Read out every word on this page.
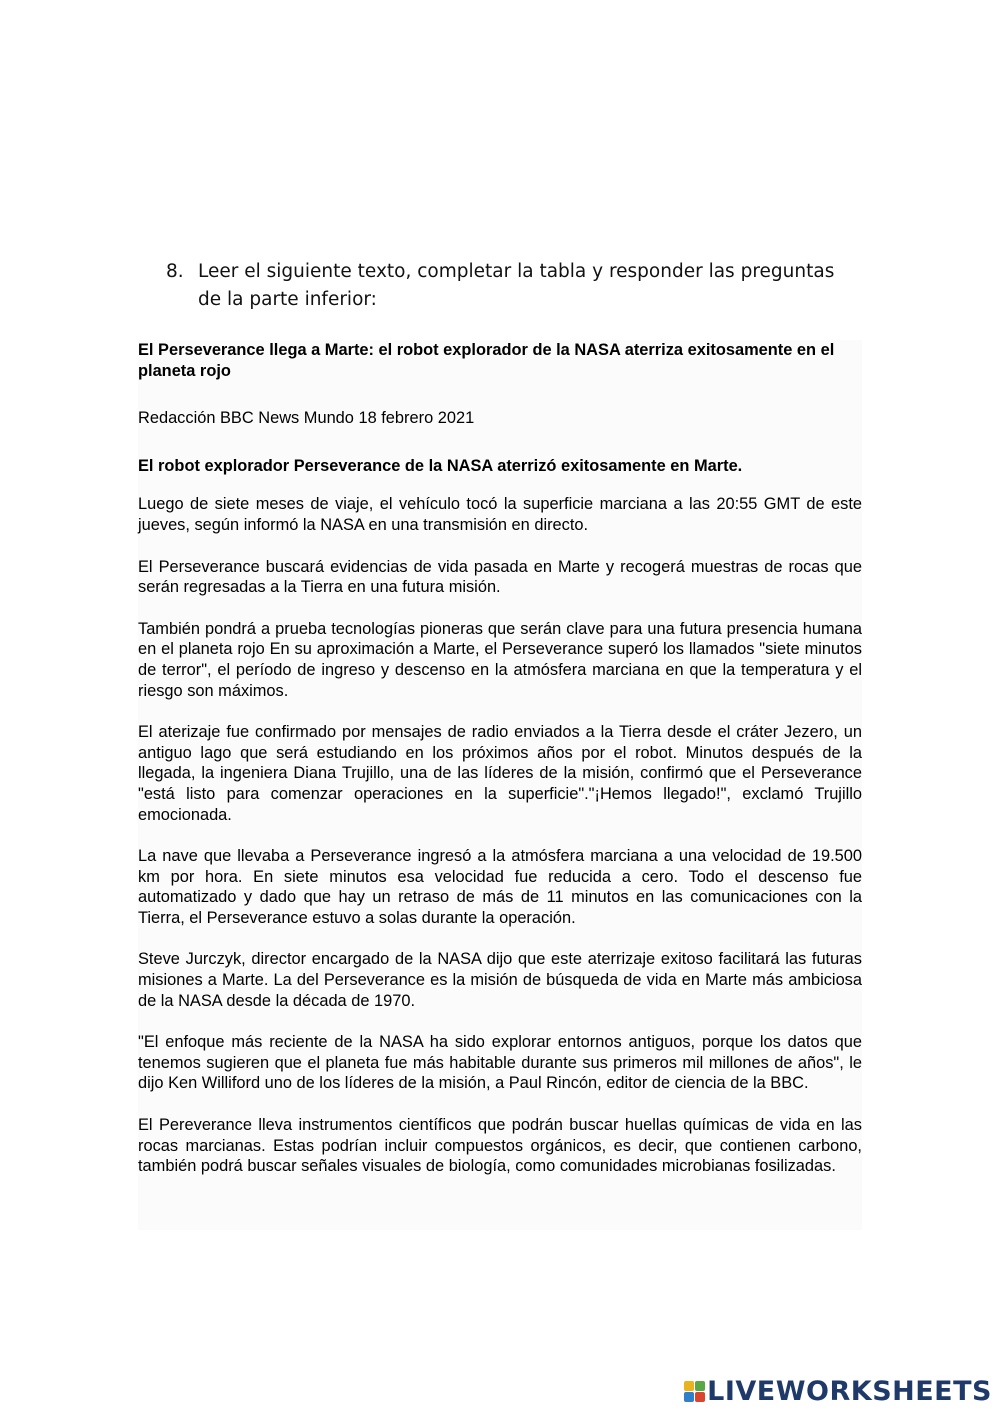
8. Leer el siguiente texto, completar la tabla y responder las preguntas de la parte inferior:

El Perseverance llega a Marte: el robot explorador de la NASA aterriza exitosamente en el planeta rojo

Redacción BBC News Mundo 18 febrero 2021

El robot explorador Perseverance de la NASA aterrizó exitosamente en Marte.

Luego de siete meses de viaje, el vehículo tocó la superficie marciana a las 20:55 GMT de este jueves, según informó la NASA en una transmisión en directo.

El Perseverance buscará evidencias de vida pasada en Marte y recogerá muestras de rocas que serán regresadas a la Tierra en una futura misión.

También pondrá a prueba tecnologías pioneras que serán clave para una futura presencia humana en el planeta rojo En su aproximación a Marte, el Perseverance superó los llamados "siete minutos de terror", el período de ingreso y descenso en la atmósfera marciana en que la temperatura y el riesgo son máximos.

El aterizaje fue confirmado por mensajes de radio enviados a la Tierra desde el cráter Jezero, un antiguo lago que será estudiando en los próximos años por el robot. Minutos después de la llegada, la ingeniera Diana Trujillo, una de las líderes de la misión, confirmó que el Perseverance "está listo para comenzar operaciones en la superficie"."¡Hemos llegado!", exclamó Trujillo emocionada.

La nave que llevaba a Perseverance ingresó a la atmósfera marciana a una velocidad de 19.500 km por hora. En siete minutos esa velocidad fue reducida a cero. Todo el descenso fue automatizado y dado que hay un retraso de más de 11 minutos en las comunicaciones con la Tierra, el Perseverance estuvo a solas durante la operación.

Steve Jurczyk, director encargado de la NASA dijo que este aterrizaje exitoso facilitará las futuras misiones a Marte. La del Perseverance es la misión de búsqueda de vida en Marte más ambiciosa de la NASA desde la década de 1970.

"El enfoque más reciente de la NASA ha sido explorar entornos antiguos, porque los datos que tenemos sugieren que el planeta fue más habitable durante sus primeros mil millones de años", le dijo Ken Williford uno de los líderes de la misión, a Paul Rincón, editor de ciencia de la BBC.

El Pereverance lleva instrumentos científicos que podrán buscar huellas químicas de vida en las rocas marcianas. Estas podrían incluir compuestos orgánicos, es decir, que contienen carbono, también podrá buscar señales visuales de biología, como comunidades microbianas fosilizadas.

LIVEWORKSHEETS
